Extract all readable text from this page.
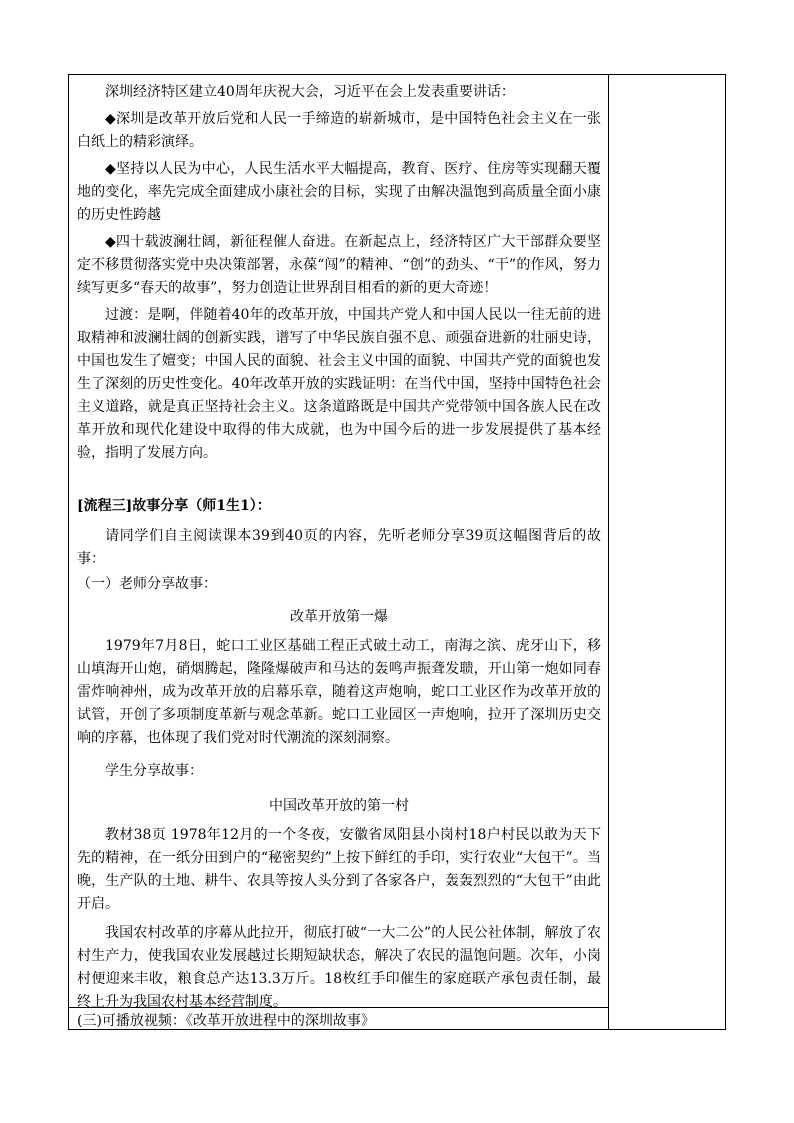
深圳经济特区建立40周年庆祝大会，习近平在会上发表重要讲话：

◆深圳是改革开放后党和人民一手缔造的崭新城市，是中国特色社会主义在一张白纸上的精彩演绎。

◆坚持以人民为中心，人民生活水平大幅提高，教育、医疗、住房等实现翻天覆地的变化，率先完成全面建成小康社会的目标，实现了由解决温饱到高质量全面小康的历史性跨越

◆四十载波澜壮阔，新征程催人奋进。在新起点上，经济特区广大干部群众要坚定不移贯彻落实党中央决策部署，永葆“闯”的精神、“创”的劲头、“干”的作风，努力续写更多“春天的故事”，努力创造让世界刮目相看的新的更大奇迹！

过渡：是啊，伴随着40年的改革开放，中国共产党人和中国人民以一往无前的进取精神和波澜壮阔的创新实践，谱写了中华民族自强不息、顽强奋进新的壮丽史诗，中国也发生了嬗变；中国人民的面貌、社会主义中国的面貌、中国共产党的面貌也发生了深刻的历史性变化。40年改革开放的实践证明：在当代中国，坚持中国特色社会主义道路，就是真正坚持社会主义。这条道路既是中国共产党带领中国各族人民在改革开放和现代化建设中取得的伟大成就，也为中国今后的进一步发展提供了基本经验，指明了发展方向。

[流程三]故事分享（师1生1）：

请同学们自主阅读课本39到40页的内容，先听老师分享39页这幅图背后的故事：

（一）老师分享故事：

改革开放第一爆

1979年7月8日，蛇口工业区基础工程正式破土动工，南海之滨、虎牙山下，移山填海开山炮，硝烟腾起，隆隆爆破声和马达的轰鸣声振聋发聩，开山第一炮如同春雷炸响神州，成为改革开放的启幕乐章，随着这声炮响，蛇口工业区作为改革开放的试管，开创了多项制度革新与观念革新。蛇口工业园区一声炮响，拉开了深圳历史交响的序幕，也体现了我们党对时代潮流的深刻洞察。

学生分享故事：

中国改革开放的第一村

教材38页 1978年12月的一个冬夜，安徽省凤阳县小岗村18户村民以敢为天下先的精神，在一纸分田到户的“秘密契约”上按下鲜红的手印，实行农业“大包干”。当晚，生产队的土地、耕牛、农具等按人头分到了各家各户，轰轰烈烈的“大包干”由此开启。

我国农村改革的序幕从此拉开，彻底打破“一大二公”的人民公社体制，解放了农村生产力，使我国农业发展越过长期短缺状态，解决了农民的温饱问题。次年，小岗村便迎来丰收，粮食总产达13.3万斤。18枚红手印催生的家庭联产承包责任制，最终上升为我国农村基本经营制度。

(三)可播放视频：《改革开放进程中的深圳故事》
